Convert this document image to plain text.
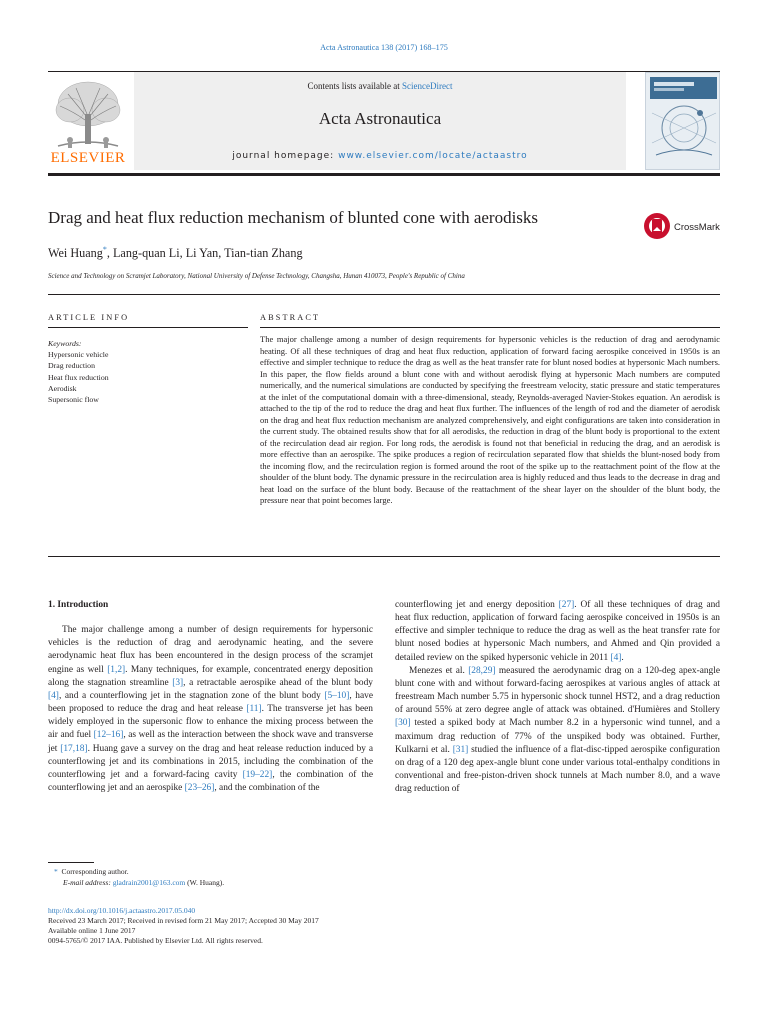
Acta Astronautica 138 (2017) 168–175
ELSEVIER
Contents lists available at ScienceDirect
Acta Astronautica
journal homepage: www.elsevier.com/locate/actaastro
Drag and heat flux reduction mechanism of blunted cone with aerodisks
CrossMark
Wei Huang*, Lang-quan Li, Li Yan, Tian-tian Zhang
Science and Technology on Scramjet Laboratory, National University of Defense Technology, Changsha, Hunan 410073, People's Republic of China
ARTICLE INFO	ABSTRACT
Keywords:
Hypersonic vehicle
Drag reduction
Heat flux reduction
Aerodisk
Supersonic flow
The major challenge among a number of design requirements for hypersonic vehicles is the reduction of drag and aerodynamic heating. Of all these techniques of drag and heat flux reduction, application of forward facing aerospike conceived in 1950s is an effective and simpler technique to reduce the drag as well as the heat transfer rate for blunt nosed bodies at hypersonic Mach numbers. In this paper, the flow fields around a blunt cone with and without aerodisk flying at hypersonic Mach numbers are computed numerically, and the numerical simulations are conducted by specifying the freestream velocity, static pressure and static temperatures at the inlet of the computational domain with a three-dimensional, steady, Reynolds-averaged Navier-Stokes equation. An aerodisk is attached to the tip of the rod to reduce the drag and heat flux further. The influences of the length of rod and the diameter of aerodisk on the drag and heat flux reduction mechanism are analyzed comprehensively, and eight configurations are taken into consideration in the current study. The obtained results show that for all aerodisks, the reduction in drag of the blunt body is proportional to the extent of the recirculation dead air region. For long rods, the aerodisk is found not that beneficial in reducing the drag, and an aerodisk is more effective than an aerospike. The spike produces a region of recirculation separated flow that shields the blunt-nosed body from the incoming flow, and the recirculation region is formed around the root of the spike up to the reattachment point of the flow at the shoulder of the blunt body. The dynamic pressure in the recirculation area is highly reduced and thus leads to the decrease in drag and heat load on the surface of the blunt body. Because of the reattachment of the shear layer on the shoulder of the blunt body, the pressure near that point becomes large.

1. Introduction

The major challenge among a number of design requirements for hypersonic vehicles is the reduction of drag and aerodynamic heating, and the severe aerodynamic heat flux has been encountered in the design process of the scramjet engine as well [1,2]. Many techniques, for example, concentrated energy deposition along the stagnation streamline [3], a retractable aerospike ahead of the blunt body [4], and a counterflowing jet in the stagnation zone of the blunt body [5–10], have been proposed to reduce the drag and heat release [11]. The transverse jet has been widely employed in the supersonic flow to enhance the mixing process between the air and fuel [12–16], as well as the interaction between the shock wave and transverse jet [17,18]. Huang gave a survey on the drag and heat release reduction induced by a counterflowing jet and its combinations in 2015, including the combination of the counterflowing jet and a forward-facing cavity [19–22], the combination of the counterflowing jet and an aerospike [23–26], and the combination of the

counterflowing jet and energy deposition [27]. Of all these techniques of drag and heat flux reduction, application of forward facing aerospike conceived in 1950s is an effective and simpler technique to reduce the drag as well as the heat transfer rate for blunt nosed bodies at hypersonic Mach numbers, and Ahmed and Qin provided a detailed review on the spiked hypersonic vehicle in 2011 [4].

Menezes et al. [28,29] measured the aerodynamic drag on a 120-deg apex-angle blunt cone with and without forward-facing aerospikes at various angles of attack at freestream Mach number 5.75 in hypersonic shock tunnel HST2, and a drag reduction of around 55% at zero degree angle of attack was obtained. d'Humières and Stollery [30] tested a spiked body at Mach number 8.2 in a hypersonic wind tunnel, and a maximum drag reduction of 77% of the unspiked body was obtained. Further, Kulkarni et al. [31] studied the influence of a flat-disc-tipped aerospike configuration on drag of a 120 deg apex-angle blunt cone under various total-enthalpy conditions in conventional and free-piston-driven shock tunnels at Mach number 8.0, and a wave drag reduction of

* Corresponding author.
E-mail address: gladrain2001@163.com (W. Huang).
http://dx.doi.org/10.1016/j.actaastro.2017.05.040
Received 23 March 2017; Received in revised form 21 May 2017; Accepted 30 May 2017
Available online 1 June 2017
0094-5765/© 2017 IAA. Published by Elsevier Ltd. All rights reserved.
